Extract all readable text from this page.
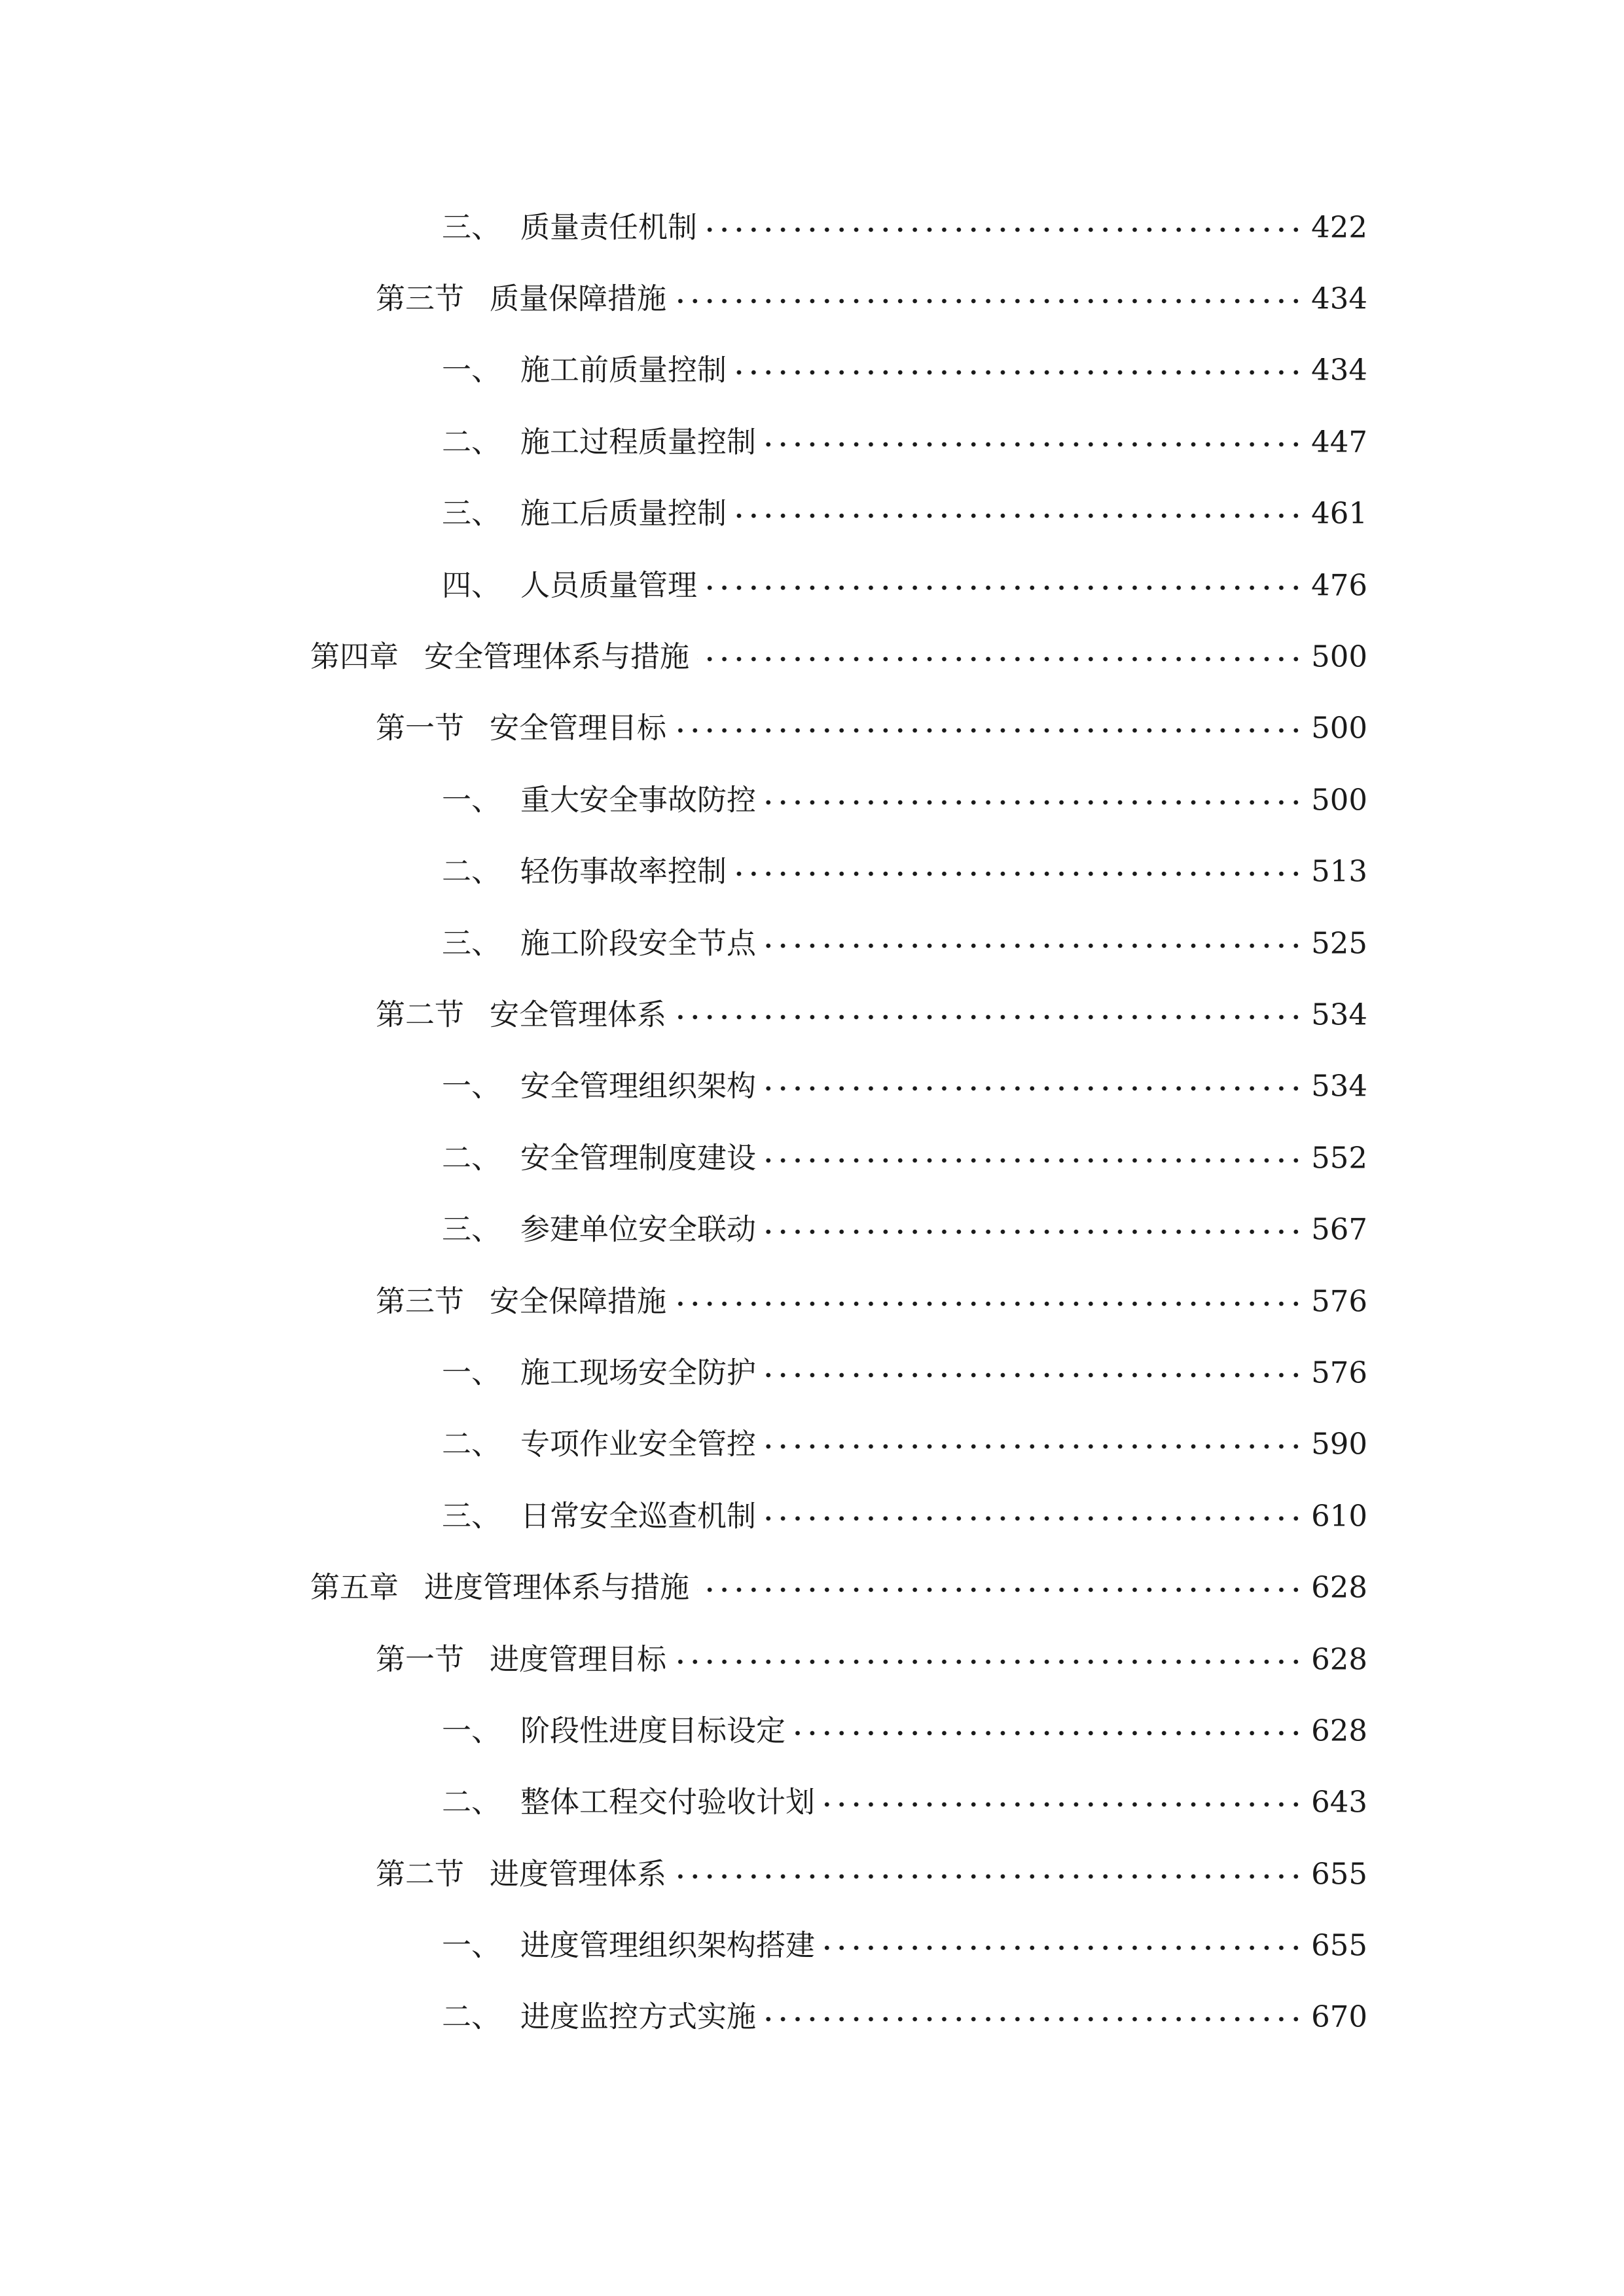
三、 质量责任机制	422
第三节 质量保障措施	434
一、 施工前质量控制	434
二、 施工过程质量控制	447
三、 施工后质量控制	461
四、 人员质量管理	476
第四章 安全管理体系与措施	500
第一节 安全管理目标	500
一、 重大安全事故防控	500
二、 轻伤事故率控制	513
三、 施工阶段安全节点	525
第二节 安全管理体系	534
一、 安全管理组织架构	534
二、 安全管理制度建设	552
三、 参建单位安全联动	567
第三节 安全保障措施	576
一、 施工现场安全防护	576
二、 专项作业安全管控	590
三、 日常安全巡查机制	610
第五章 进度管理体系与措施	628
第一节 进度管理目标	628
一、 阶段性进度目标设定	628
二、 整体工程交付验收计划	643
第二节 进度管理体系	655
一、 进度管理组织架构搭建	655
二、 进度监控方式实施	670
